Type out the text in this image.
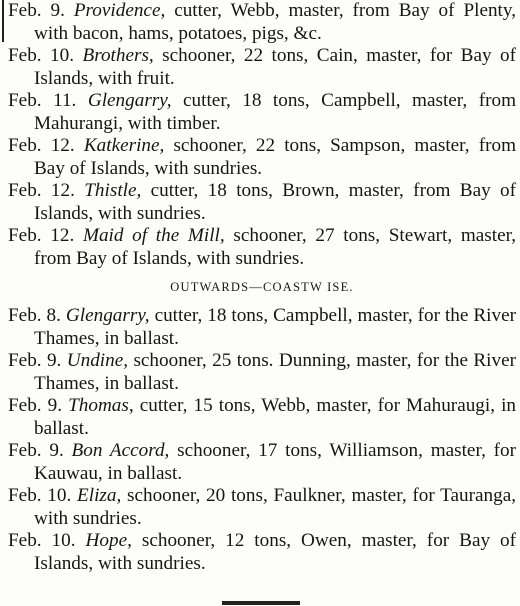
Feb. 9. Providence, cutter, Webb, master, from Bay of Plenty, with bacon, hams, potatoes, pigs, &c.

Feb. 10. Brothers, schooner, 22 tons, Cain, master, for Bay of Islands, with fruit.

Feb. 11. Glengarry, cutter, 18 tons, Campbell, master, from Mahurangi, with timber.

Feb. 12. Katkerine, schooner, 22 tons, Sampson, master, from Bay of Islands, with sundries.

Feb. 12. Thistle, cutter, 18 tons, Brown, master, from Bay of Islands, with sundries.

Feb. 12. Maid of the Mill, schooner, 27 tons, Stewart, master, from Bay of Islands, with sundries.

OUTWARDS—COASTW ISE.

Feb. 8. Glengarry, cutter, 18 tons, Campbell, master, for the River Thames, in ballast.

Feb. 9. Undine, schooner, 25 tons. Dunning, master, for the River Thames, in ballast.

Feb. 9. Thomas, cutter, 15 tons, Webb, master, for Mahuraugi, in ballast.

Feb. 9. Bon Accord, schooner, 17 tons, Williamson, master, for Kauwau, in ballast.

Feb. 10. Eliza, schooner, 20 tons, Faulkner, master, for Tauranga, with sundries.

Feb. 10. Hope, schooner, 12 tons, Owen, master, for Bay of Islands, with sundries.
